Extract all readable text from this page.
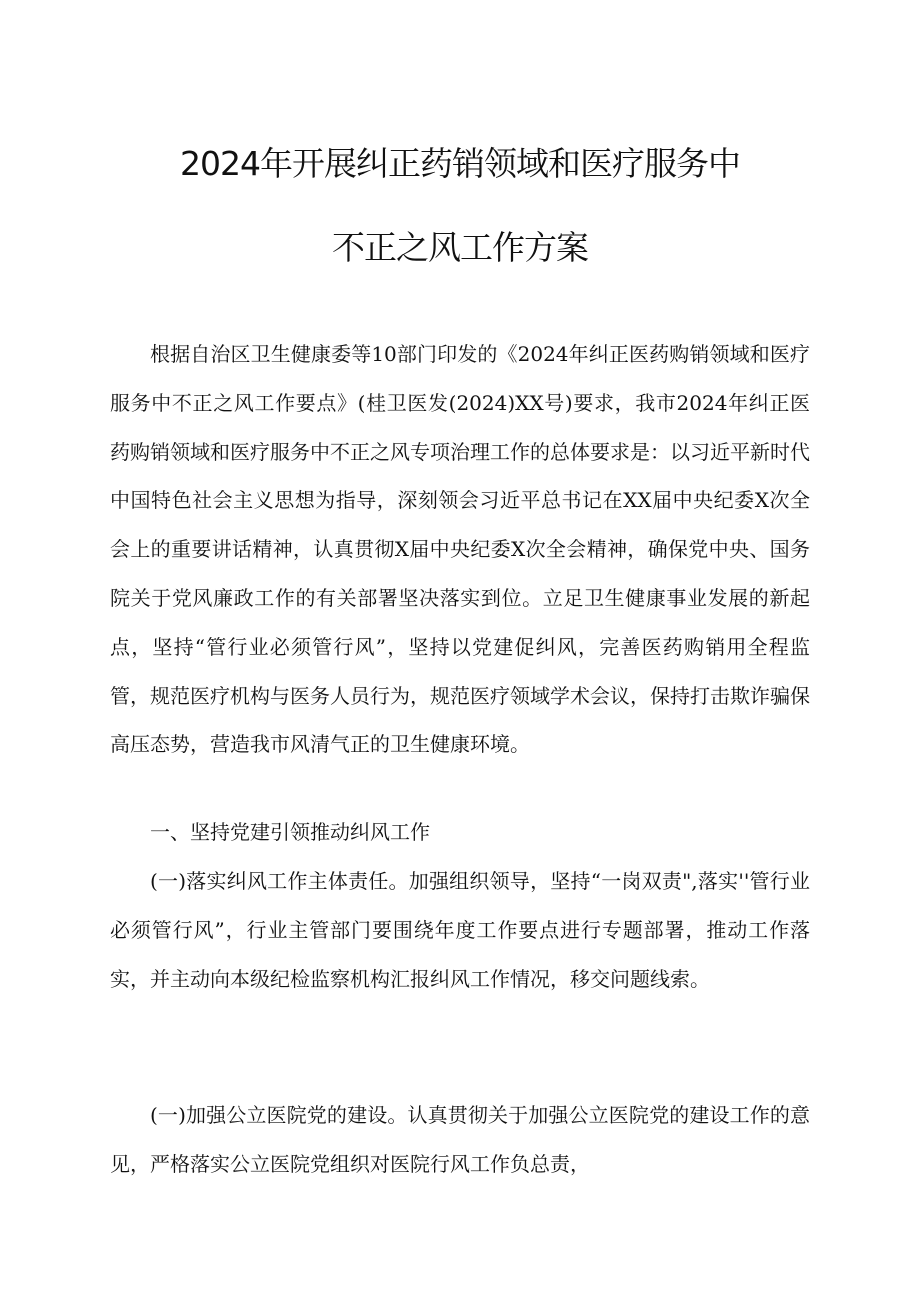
2024年开展纠正药销领域和医疗服务中
不正之风工作方案

根据自治区卫生健康委等10部门印发的《2024年纠正医药购销领域和医疗服务中不正之风工作要点》(桂卫医发(2024)XX号)要求，我市2024年纠正医药购销领域和医疗服务中不正之风专项治理工作的总体要求是：以习近平新时代中国特色社会主义思想为指导，深刻领会习近平总书记在XX届中央纪委X次全会上的重要讲话精神，认真贯彻X届中央纪委X次全会精神，确保党中央、国务院关于党风廉政工作的有关部署坚决落实到位。立足卫生健康事业发展的新起点，坚持“管行业必须管行风”，坚持以党建促纠风，完善医药购销用全程监管，规范医疗机构与医务人员行为，规范医疗领域学术会议，保持打击欺诈骗保高压态势，营造我市风清气正的卫生健康环境。

一、坚持党建引领推动纠风工作

(一)落实纠风工作主体责任。加强组织领导，坚持“一岗双责",落实''管行业必须管行风”，行业主管部门要围绕年度工作要点进行专题部署，推动工作落实，并主动向本级纪检监察机构汇报纠风工作情况，移交问题线索。

(一)加强公立医院党的建设。认真贯彻关于加强公立医院党的建设工作的意见，严格落实公立医院党组织对医院行风工作负总责，
